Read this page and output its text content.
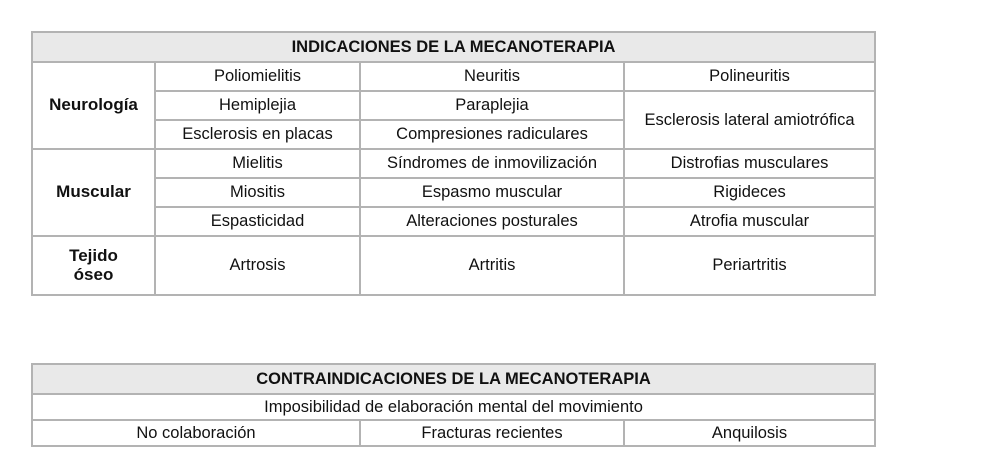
INDICACIONES DE LA MECANOTERAPIA			
Neurología	Poliomielitis	Neuritis	Polineuritis
	Hemiplejia	Paraplejia	Esclerosis lateral amiotrófica
	Esclerosis en placas	Compresiones radiculares	
Muscular	Mielitis	Síndromes de inmovilización	Distrofias musculares
	Miositis	Espasmo muscular	Rigideces
	Espasticidad	Alteraciones posturales	Atrofia muscular
Tejido
óseo	Artrosis	Artritis	Periartritis
CONTRAINDICACIONES DE LA MECANOTERAPIA
Imposibilidad de elaboración mental del movimiento
No colaboración	Fracturas recientes	Anquilosis
